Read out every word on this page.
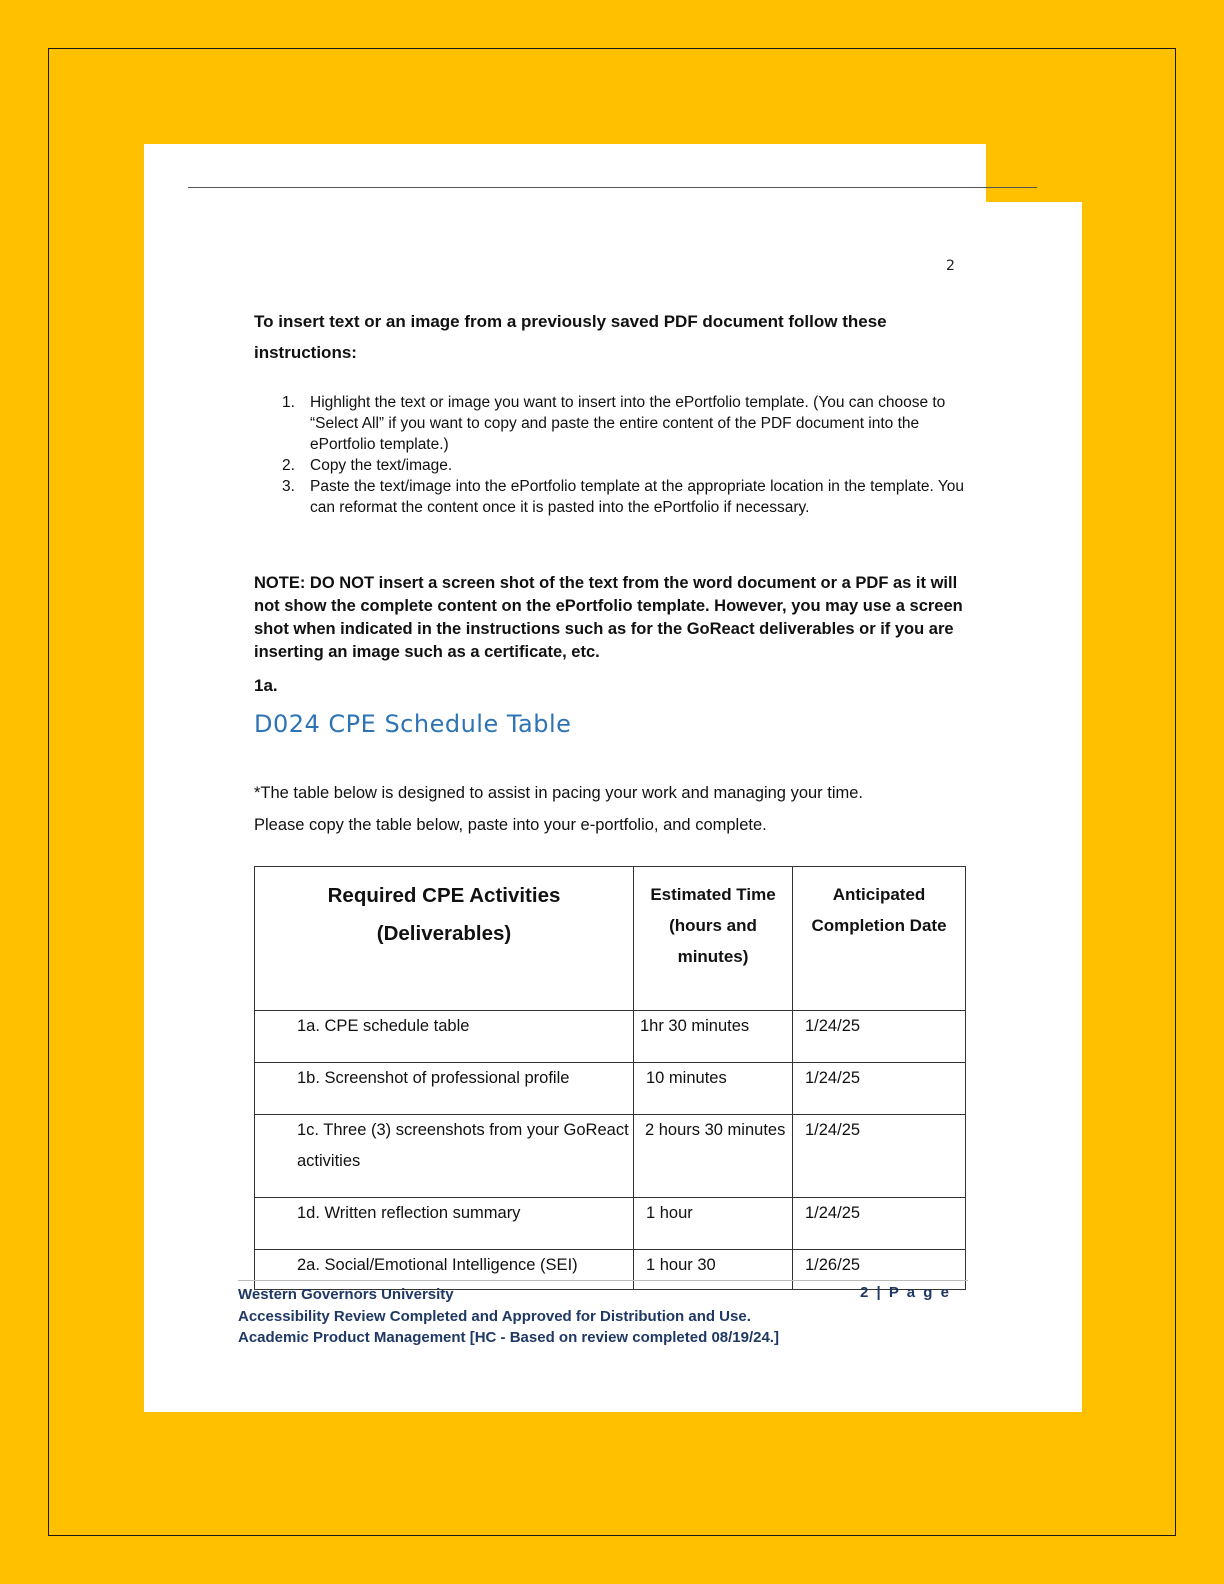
2
To insert text or an image from a previously saved PDF document follow these instructions:
1. Highlight the text or image you want to insert into the ePortfolio template. (You can choose to “Select All” if you want to copy and paste the entire content of the PDF document into the ePortfolio template.)
2. Copy the text/image.
3. Paste the text/image into the ePortfolio template at the appropriate location in the template. You can reformat the content once it is pasted into the ePortfolio if necessary.
NOTE: DO NOT insert a screen shot of the text from the word document or a PDF as it will not show the complete content on the ePortfolio template. However, you may use a screen shot when indicated in the instructions such as for the GoReact deliverables or if you are inserting an image such as a certificate, etc.
1a.
D024 CPE Schedule Table
*The table below is designed to assist in pacing your work and managing your time.
Please copy the table below, paste into your e-portfolio, and complete.
Required CPE Activities
(Deliverables)	Estimated Time (hours and minutes)	Anticipated Completion Date
1a. CPE schedule table	1hr 30 minutes	1/24/25
1b. Screenshot of professional profile	10 minutes	1/24/25
1c. Three (3) screenshots from your GoReact activities	2 hours 30 minutes	1/24/25
1d. Written reflection summary	1 hour	1/24/25
2a. Social/Emotional Intelligence (SEI)	1 hour 30	1/26/25
Western Governors University
Accessibility Review Completed and Approved for Distribution and Use.
Academic Product Management [HC - Based on review completed 08/19/24.]
2 | P a g e
